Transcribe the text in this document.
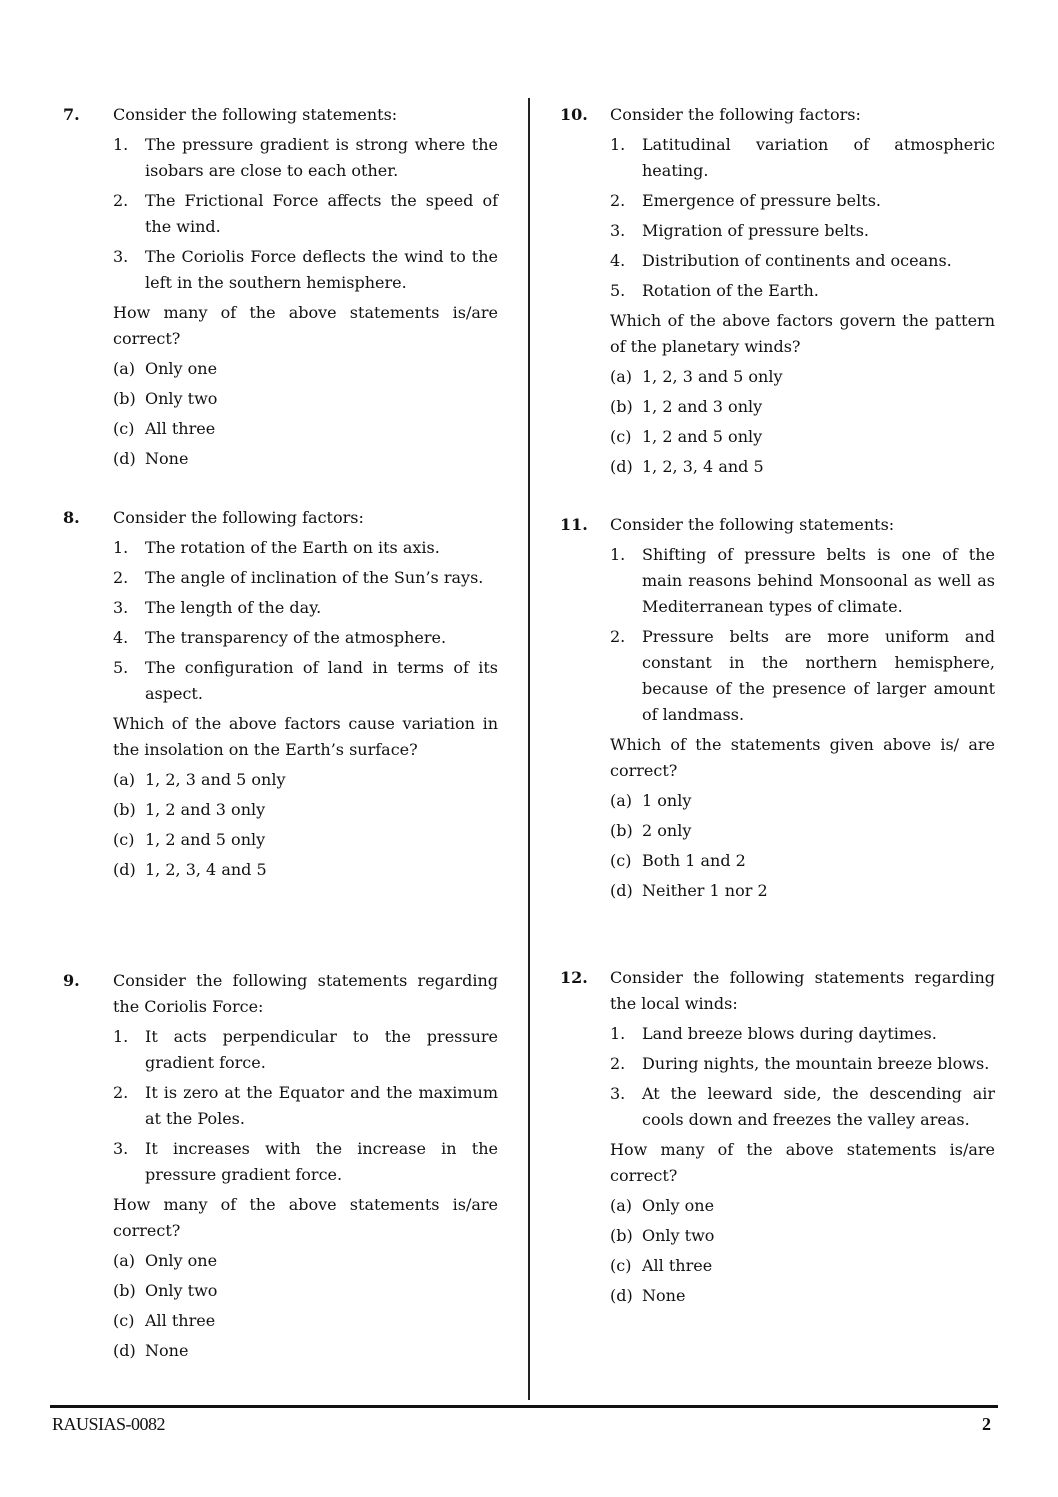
7. Consider the following statements:
1. The pressure gradient is strong where the isobars are close to each other.
2. The Frictional Force affects the speed of the wind.
3. The Coriolis Force deflects the wind to the left in the southern hemisphere.
How many of the above statements is/are correct?
(a) Only one
(b) Only two
(c) All three
(d) None
8. Consider the following factors:
1. The rotation of the Earth on its axis.
2. The angle of inclination of the Sun’s rays.
3. The length of the day.
4. The transparency of the atmosphere.
5. The configuration of land in terms of its aspect.
Which of the above factors cause variation in the insolation on the Earth’s surface?
(a) 1, 2, 3 and 5 only
(b) 1, 2 and 3 only
(c) 1, 2 and 5 only
(d) 1, 2, 3, 4 and 5
9. Consider the following statements regarding the Coriolis Force:
1. It acts perpendicular to the pressure gradient force.
2. It is zero at the Equator and the maximum at the Poles.
3. It increases with the increase in the pressure gradient force.
How many of the above statements is/are correct?
(a) Only one
(b) Only two
(c) All three
(d) None
10. Consider the following factors:
1. Latitudinal variation of atmospheric heating.
2. Emergence of pressure belts.
3. Migration of pressure belts.
4. Distribution of continents and oceans.
5. Rotation of the Earth.
Which of the above factors govern the pattern of the planetary winds?
(a) 1, 2, 3 and 5 only
(b) 1, 2 and 3 only
(c) 1, 2 and 5 only
(d) 1, 2, 3, 4 and 5
11. Consider the following statements:
1. Shifting of pressure belts is one of the main reasons behind Monsoonal as well as Mediterranean types of climate.
2. Pressure belts are more uniform and constant in the northern hemisphere, because of the presence of larger amount of landmass.
Which of the statements given above is/ are correct?
(a) 1 only
(b) 2 only
(c) Both 1 and 2
(d) Neither 1 nor 2
12. Consider the following statements regarding the local winds:
1. Land breeze blows during daytimes.
2. During nights, the mountain breeze blows.
3. At the leeward side, the descending air cools down and freezes the valley areas.
How many of the above statements is/are correct?
(a) Only one
(b) Only two
(c) All three
(d) None
RAUSIAS-0082	2
